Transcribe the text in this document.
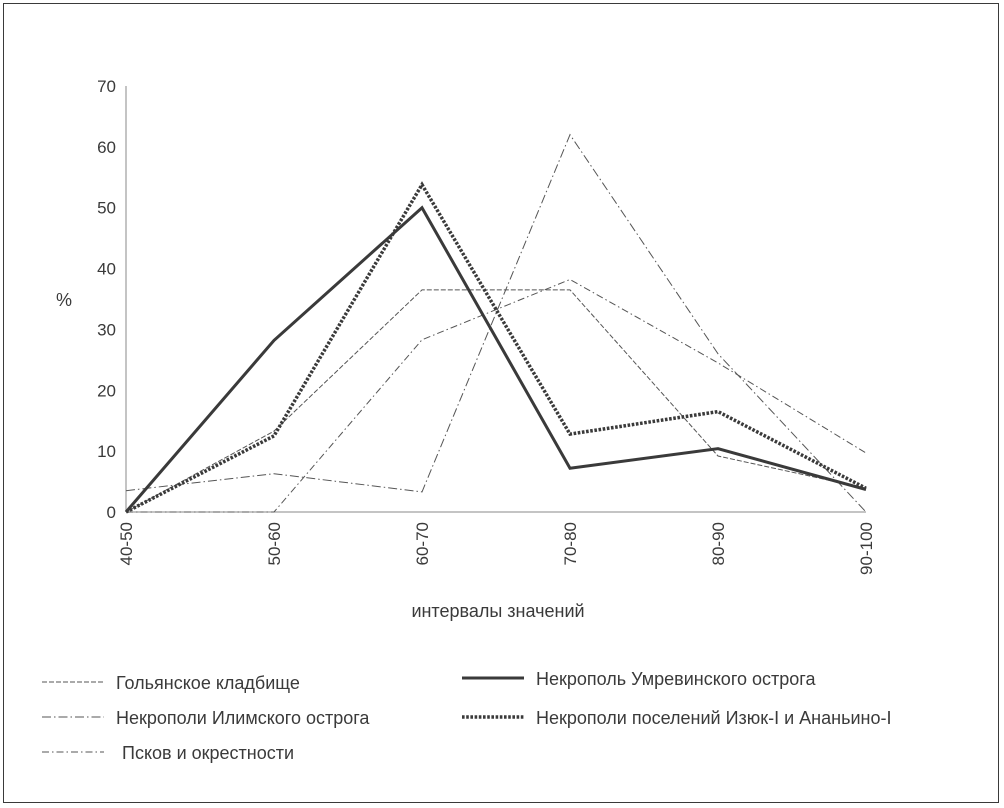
0
10
20
30
40
50
60
70
40-50	50-60	60-70	70-80	80-90	90-100
%
интервалы значений
Гольянское кладбище
Некрополи Илимского острога
Псков и окрестности
Некрополь Умревинского острога
Некрополи поселений Изюк-I и Ананьино-I
